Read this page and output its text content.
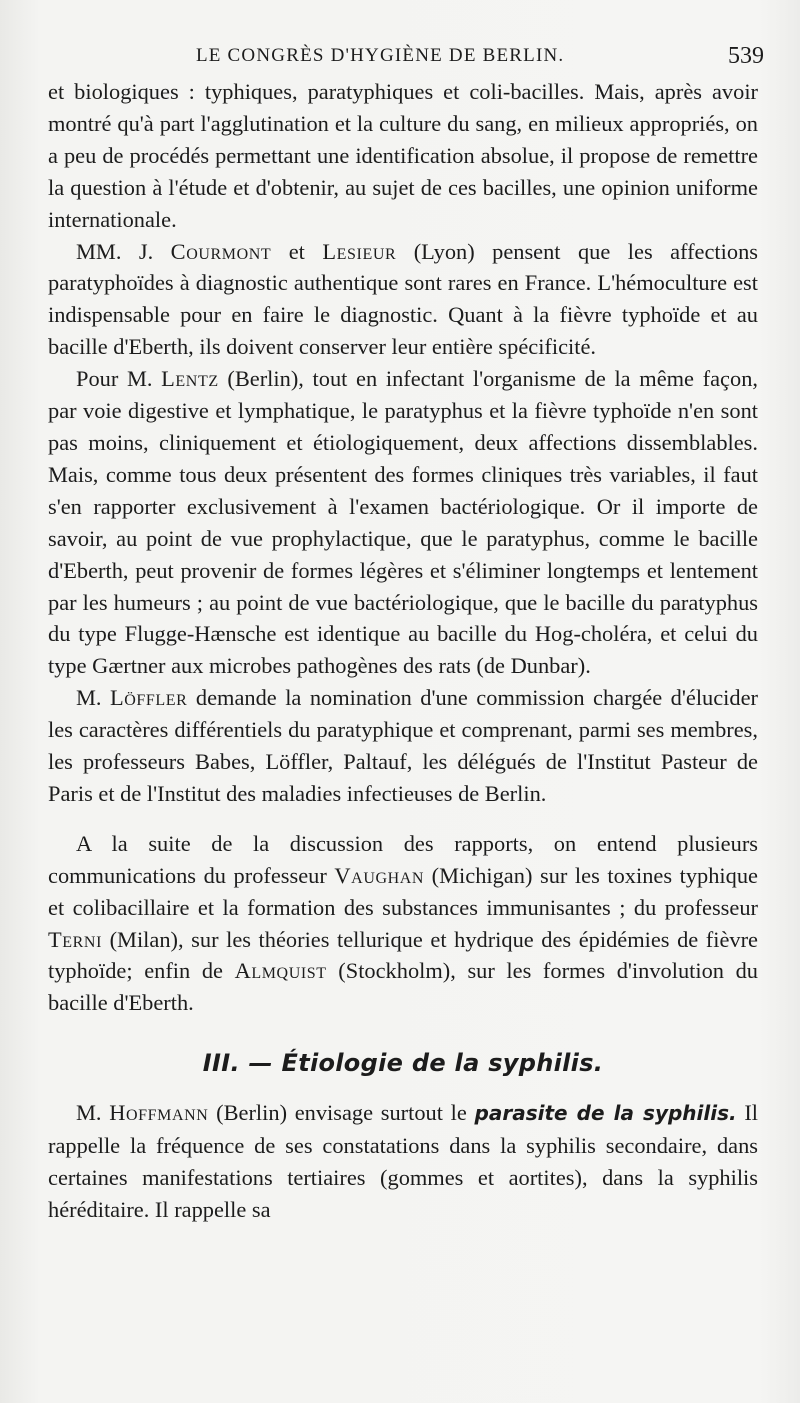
LE CONGRÈS D'HYGIÈNE DE BERLIN.	539

et biologiques : typhiques, paratyphiques et coli-bacilles. Mais, après avoir montré qu'à part l'agglutination et la culture du sang, en milieux appropriés, on a peu de procédés permettant une identification absolue, il propose de remettre la question à l'étude et d'obtenir, au sujet de ces bacilles, une opinion uniforme internationale.

MM. J. Courmont et Lesieur (Lyon) pensent que les affections paratyphoïdes à diagnostic authentique sont rares en France. L'hémoculture est indispensable pour en faire le diagnostic. Quant à la fièvre typhoïde et au bacille d'Eberth, ils doivent conserver leur entière spécificité.

Pour M. Lentz (Berlin), tout en infectant l'organisme de la même façon, par voie digestive et lymphatique, le paratyphus et la fièvre typhoïde n'en sont pas moins, cliniquement et étiologiquement, deux affections dissemblables. Mais, comme tous deux présentent des formes cliniques très variables, il faut s'en rapporter exclusivement à l'examen bactériologique. Or il importe de savoir, au point de vue prophylactique, que le paratyphus, comme le bacille d'Eberth, peut provenir de formes légères et s'éliminer longtemps et lentement par les humeurs ; au point de vue bactériologique, que le bacille du paratyphus du type Flugge-Hænsche est identique au bacille du Hog-choléra, et celui du type Gærtner aux microbes pathogènes des rats (de Dunbar).

M. Löffler demande la nomination d'une commission chargée d'élucider les caractères différentiels du paratyphique et comprenant, parmi ses membres, les professeurs Babes, Löffler, Paltauf, les délégués de l'Institut Pasteur de Paris et de l'Institut des maladies infectieuses de Berlin.

A la suite de la discussion des rapports, on entend plusieurs communications du professeur Vaughan (Michigan) sur les toxines typhique et colibacillaire et la formation des substances immunisantes ; du professeur Terni (Milan), sur les théories tellurique et hydrique des épidémies de fièvre typhoïde; enfin de Almquist (Stockholm), sur les formes d'involution du bacille d'Eberth.

III. — Étiologie de la syphilis.

M. Hoffmann (Berlin) envisage surtout le parasite de la syphilis. Il rappelle la fréquence de ses constatations dans la syphilis secondaire, dans certaines manifestations tertiaires (gommes et aortites), dans la syphilis héréditaire. Il rappelle sa
